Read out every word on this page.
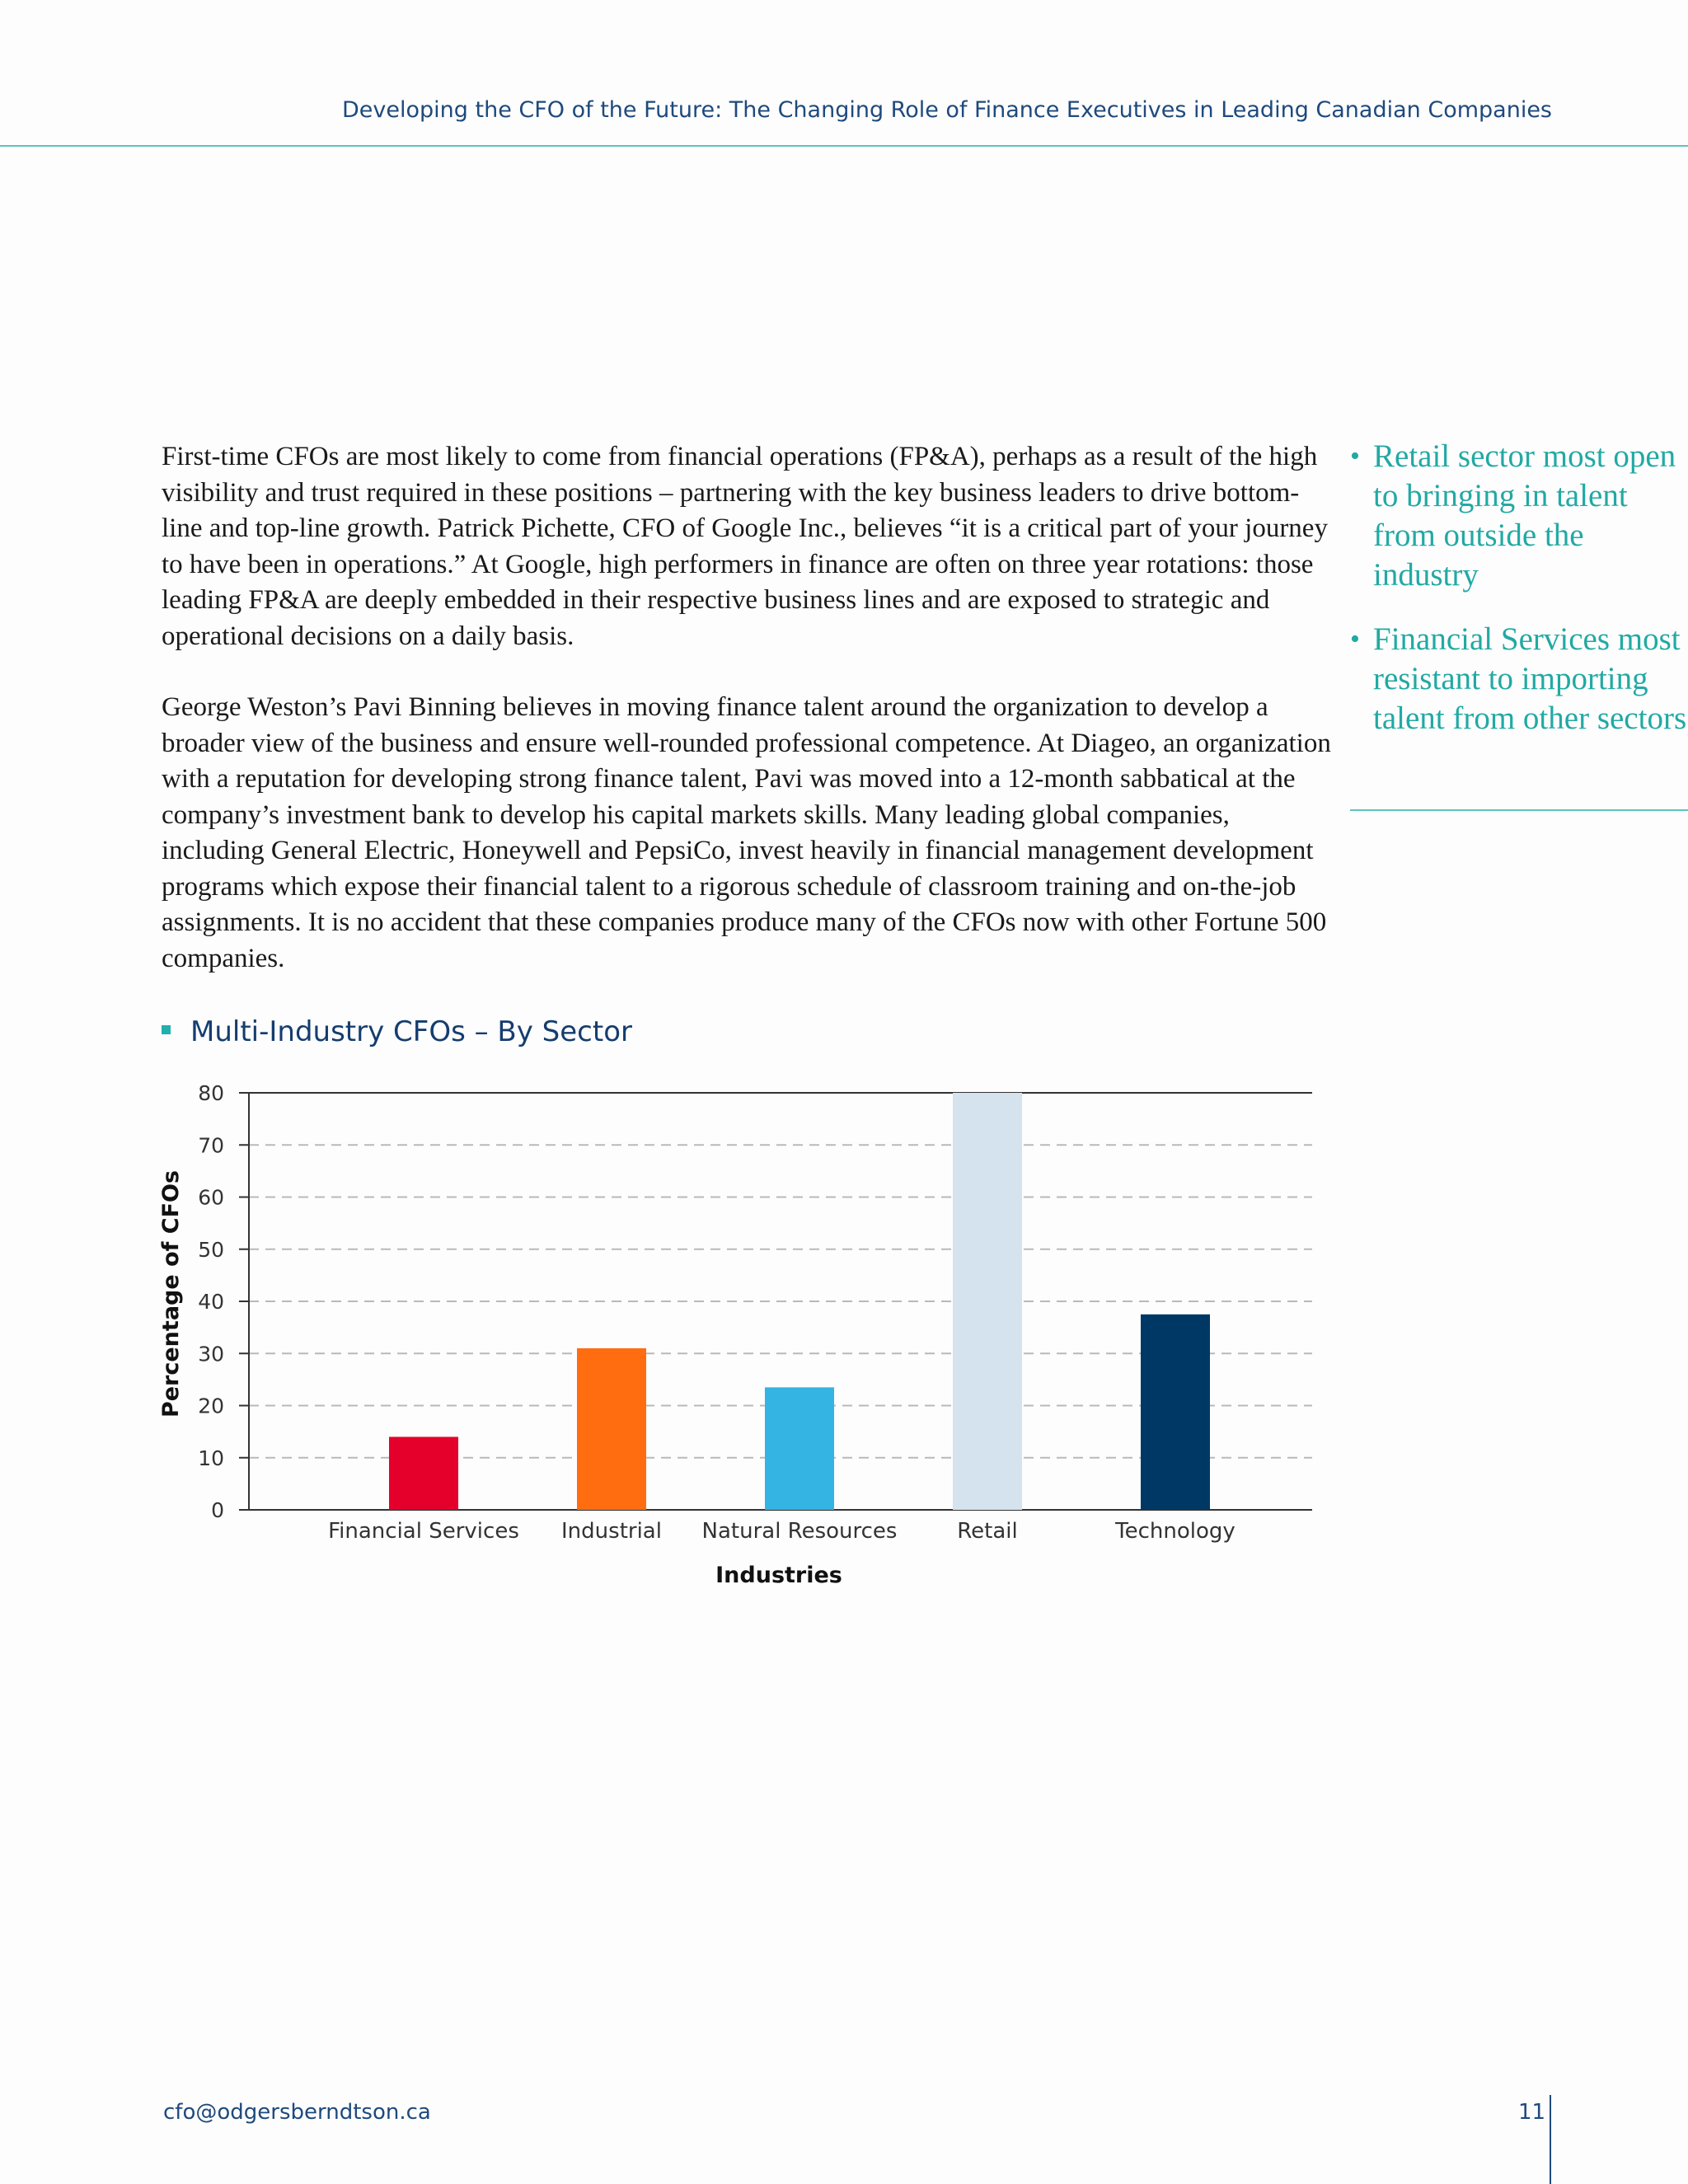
Developing the CFO of the Future: The Changing Role of Finance Executives in Leading Canadian Companies

First-time CFOs are most likely to come from financial operations (FP&A), perhaps as a result of the high visibility and trust required in these positions – partnering with the key business leaders to drive bottom-line and top-line growth. Patrick Pichette, CFO of Google Inc., believes “it is a critical part of your journey to have been in operations.” At Google, high performers in finance are often on three year rotations: those leading FP&A are deeply embedded in their respective business lines and are exposed to strategic and operational decisions on a daily basis.

George Weston’s Pavi Binning believes in moving finance talent around the organization to develop a broader view of the business and ensure well-rounded professional competence. At Diageo, an organization with a reputation for developing strong finance talent, Pavi was moved into a 12-month sabbatical at the company’s investment bank to develop his capital markets skills. Many leading global companies, including General Electric, Honeywell and PepsiCo, invest heavily in financial management development programs which expose their financial talent to a rigorous schedule of classroom training and on-the-job assignments. It is no accident that these companies produce many of the CFOs now with other Fortune 500 companies.

• Retail sector most open to bringing in talent from outside the industry
• Financial Services most resistant to importing talent from other sectors
Multi-Industry CFOs – By Sector
0
10
20
30
40
50
60
70
80
Financial Services Industrial Natural Resources	Retail	Technology
Industries
Percentage of CFOs
cfo@odgersberndtson.ca	11
